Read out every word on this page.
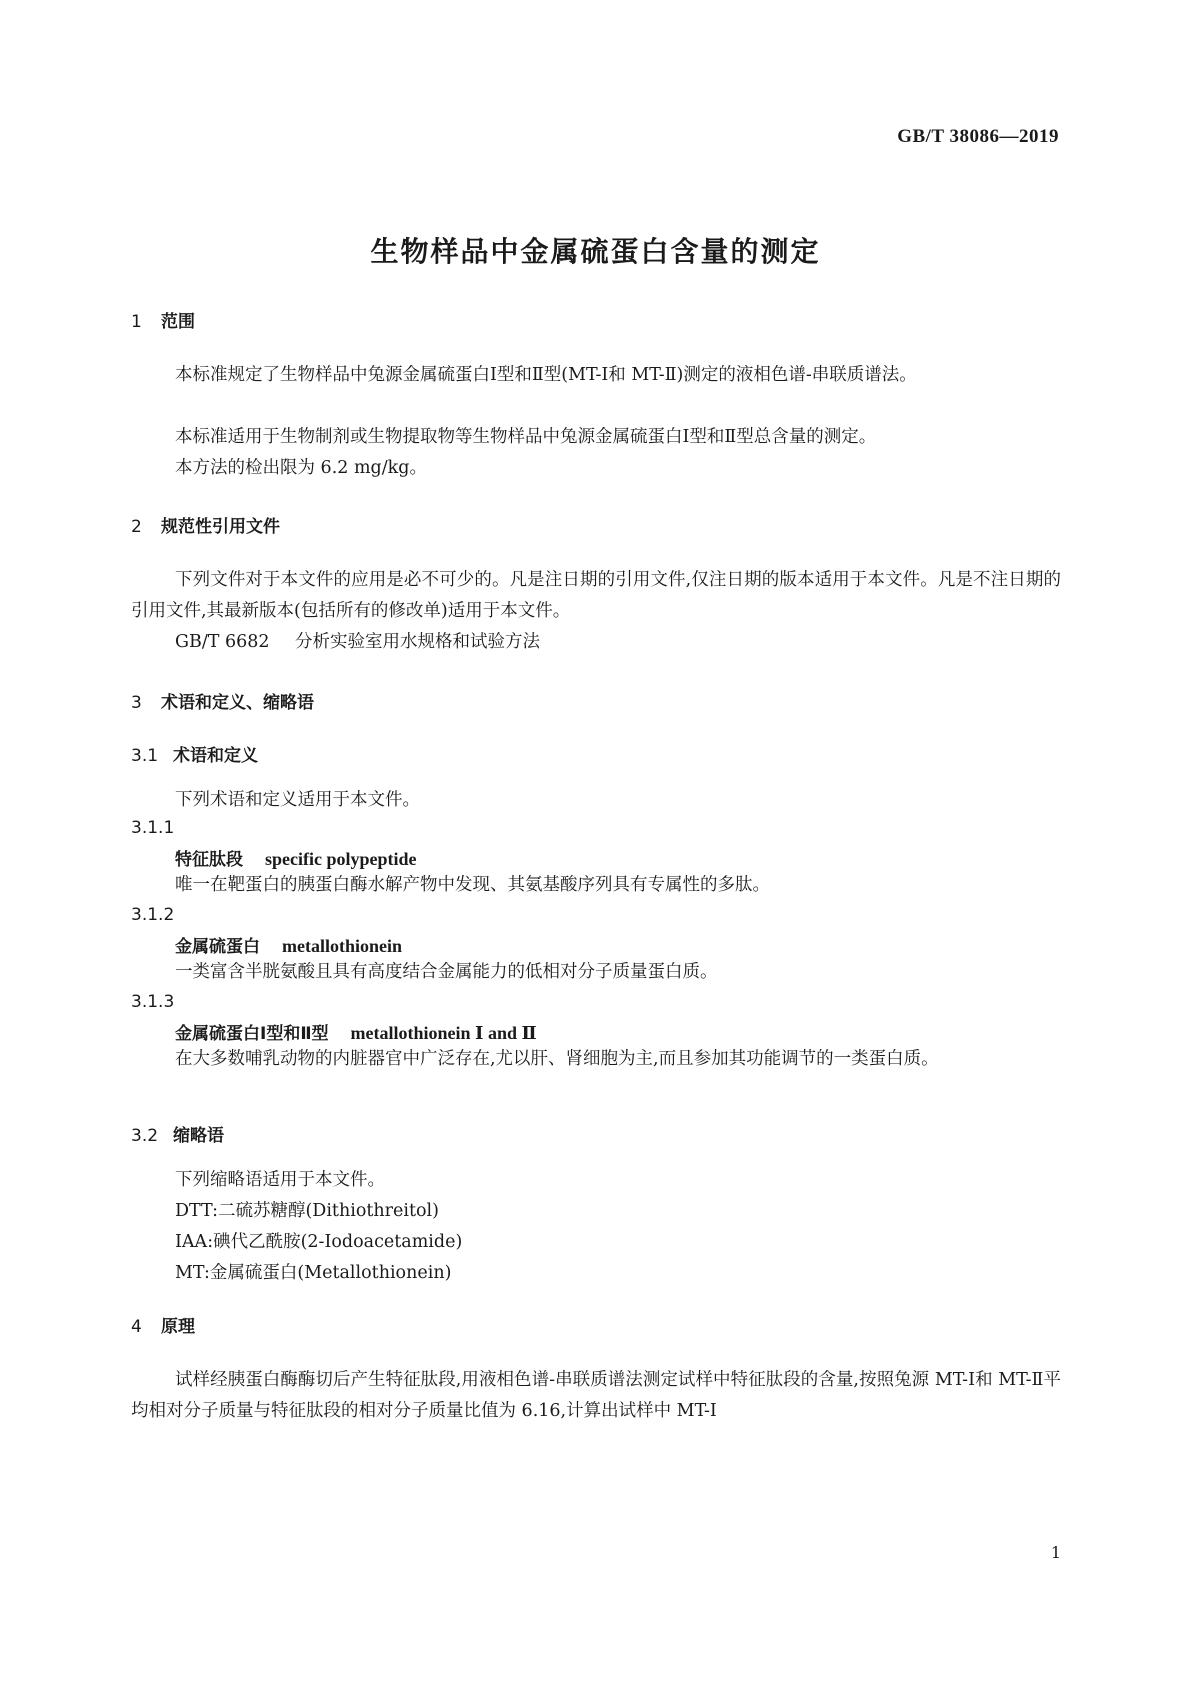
GB/T 38086—2019
生物样品中金属硫蛋白含量的测定
1 范围
本标准规定了生物样品中兔源金属硫蛋白Ⅰ型和Ⅱ型(MT-Ⅰ和 MT-Ⅱ)测定的液相色谱-串联质谱法。
本标准适用于生物制剂或生物提取物等生物样品中兔源金属硫蛋白Ⅰ型和Ⅱ型总含量的测定。
本方法的检出限为 6.2 mg/kg。
2 规范性引用文件
下列文件对于本文件的应用是必不可少的。凡是注日期的引用文件,仅注日期的版本适用于本文件。凡是不注日期的引用文件,其最新版本(包括所有的修改单)适用于本文件。
GB/T 6682 分析实验室用水规格和试验方法
3 术语和定义、缩略语
3.1 术语和定义
下列术语和定义适用于本文件。
3.1.1
特征肽段 specific polypeptide
唯一在靶蛋白的胰蛋白酶水解产物中发现、其氨基酸序列具有专属性的多肽。
3.1.2
金属硫蛋白 metallothionein
一类富含半胱氨酸且具有高度结合金属能力的低相对分子质量蛋白质。
3.1.3
金属硫蛋白Ⅰ型和Ⅱ型 metallothionein Ⅰ and Ⅱ
在大多数哺乳动物的内脏器官中广泛存在,尤以肝、肾细胞为主,而且参加其功能调节的一类蛋白质。
3.2 缩略语
下列缩略语适用于本文件。
DTT:二硫苏糖醇(Dithiothreitol)
IAA:碘代乙酰胺(2-Iodoacetamide)
MT:金属硫蛋白(Metallothionein)
4 原理
试样经胰蛋白酶酶切后产生特征肽段,用液相色谱-串联质谱法测定试样中特征肽段的含量,按照兔源 MT-Ⅰ和 MT-Ⅱ平均相对分子质量与特征肽段的相对分子质量比值为 6.16,计算出试样中 MT-Ⅰ
1
